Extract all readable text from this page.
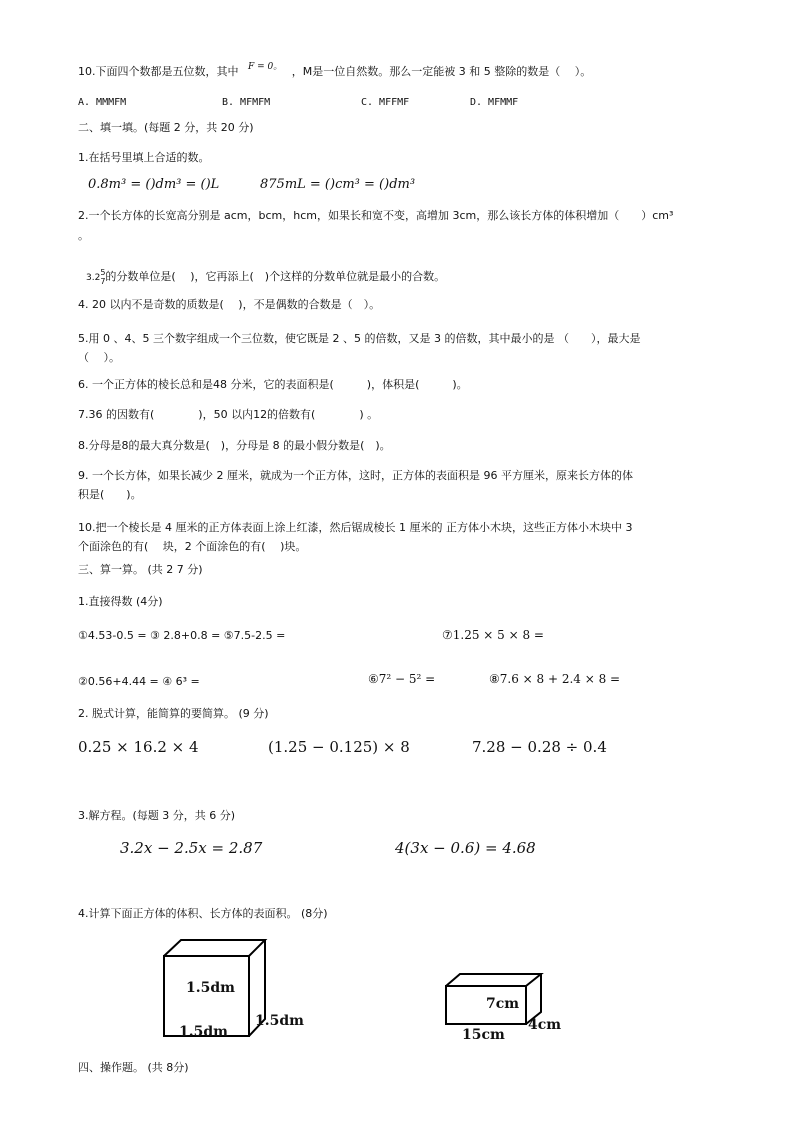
10.下面四个数都是五位数，其中 $^{F = 0。}$ ，M是一位自然数。那么一定能被 3 和 5 整除的数是（　 ）。
A. MMMFM	B. MFMFM	C. MFFMF	D. MFMMF
二、填一填。(每题 2 分，共 20 分)
1.在括号里填上合适的数。
0.8m³ = ()dm³ = ()L	875mL = ()cm³ = ()dm³
2.一个长方体的长宽高分别是 acm，bcm，hcm，如果长和宽不变，高增加 3cm，那么该长方体的体积增加（　　）cm³
。
3.2
5
7 的分数单位是(　 )，它再添上(　)个这样的分数单位就是最小的合数。
4. 20 以内不是奇数的质数是(　 )，不是偶数的合数是（　）。
5.用 0 、4、5 三个数字组成一个三位数，使它既是 2 、5 的倍数，又是 3 的倍数，其中最小的是 （　　），最大是
（　 ）。
6. 一个正方体的棱长总和是48 分米，它的表面积是(　　　)，体积是(　　　)。
7.36 的因数有(　　　　)，50 以内12的倍数有(　　　　) 。
8.分母是8的最大真分数是(　)，分母是 8 的最小假分数是(　)。
9. 一个长方体，如果长减少 2 厘米，就成为一个正方体，这时，正方体的表面积是 96 平方厘米，原来长方体的体
积是(　　)。
10.把一个棱长是 4 厘米的正方体表面上涂上红漆，然后锯成棱长 1 厘米的 正方体小木块，这些正方体小木块中 3
个面涂色的有(　 块，2 个面涂色的有(　 )块。
三、算一算。 (共 2 7 分)
1.直接得数 (4分)
①4.53-0.5 = ③ 2.8+0.8 = ⑤7.5-2.5 =	⑦1.25 × 5 × 8 =
②0.56+4.44 = ④ 6³ =	⑥7² − 5² =	⑧7.6 × 8 + 2.4 × 8 =
2. 脱式计算，能简算的要简算。 (9 分)
0.25 × 16.2 × 4	(1.25 − 0.125) × 8	7.28 − 0.28 ÷ 0.4
3.解方程。(每题 3 分，共 6 分)
3.2x − 2.5x = 2.87	4(3x − 0.6) = 4.68
4.计算下面正方体的体积、长方体的表面积。 (8分)
1.5dm
1.5dm
1.5dm
7cm
15cm
4cm
四、操作题。 (共 8分)
